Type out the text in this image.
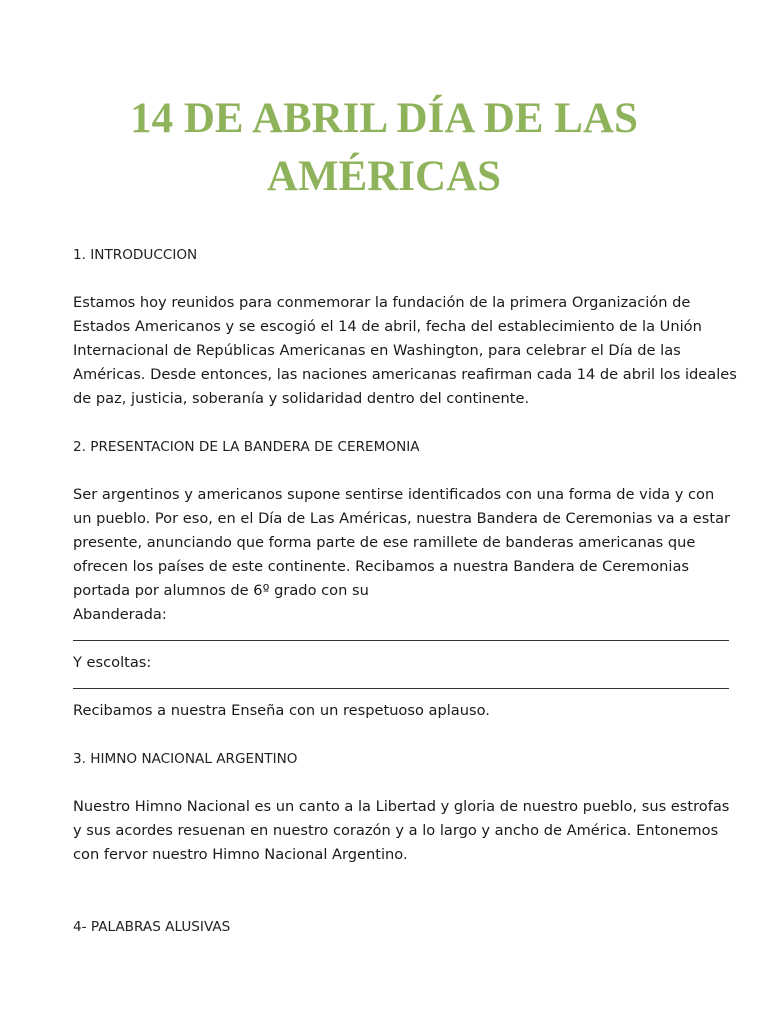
14 DE ABRIL DÍA DE LAS
AMÉRICAS
1. INTRODUCCION

Estamos hoy reunidos para conmemorar la fundación de la primera Organización de
Estados Americanos y se escogió el 14 de abril, fecha del establecimiento de la Unión
Internacional de Repúblicas Americanas en Washington, para celebrar el Día de las
Américas. Desde entonces, las naciones americanas reafirman cada 14 de abril los ideales
de paz, justicia, soberanía y solidaridad dentro del continente.

2. PRESENTACION DE LA BANDERA DE CEREMONIA

Ser argentinos y americanos supone sentirse identificados con una forma de vida y con
un pueblo. Por eso, en el Día de Las Américas, nuestra Bandera de Ceremonias va a estar
presente, anunciando que forma parte de ese ramillete de banderas americanas que
ofrecen los países de este continente. Recibamos a nuestra Bandera de Ceremonias
portada por alumnos de 6º grado con su

Abanderada:

Y escoltas:

Recibamos a nuestra Enseña con un respetuoso aplauso.

3. HIMNO NACIONAL ARGENTINO

Nuestro Himno Nacional es un canto a la Libertad y gloria de nuestro pueblo, sus estrofas
y sus acordes resuenan en nuestro corazón y a lo largo y ancho de América. Entonemos
con fervor nuestro Himno Nacional Argentino.

4- PALABRAS ALUSIVAS
